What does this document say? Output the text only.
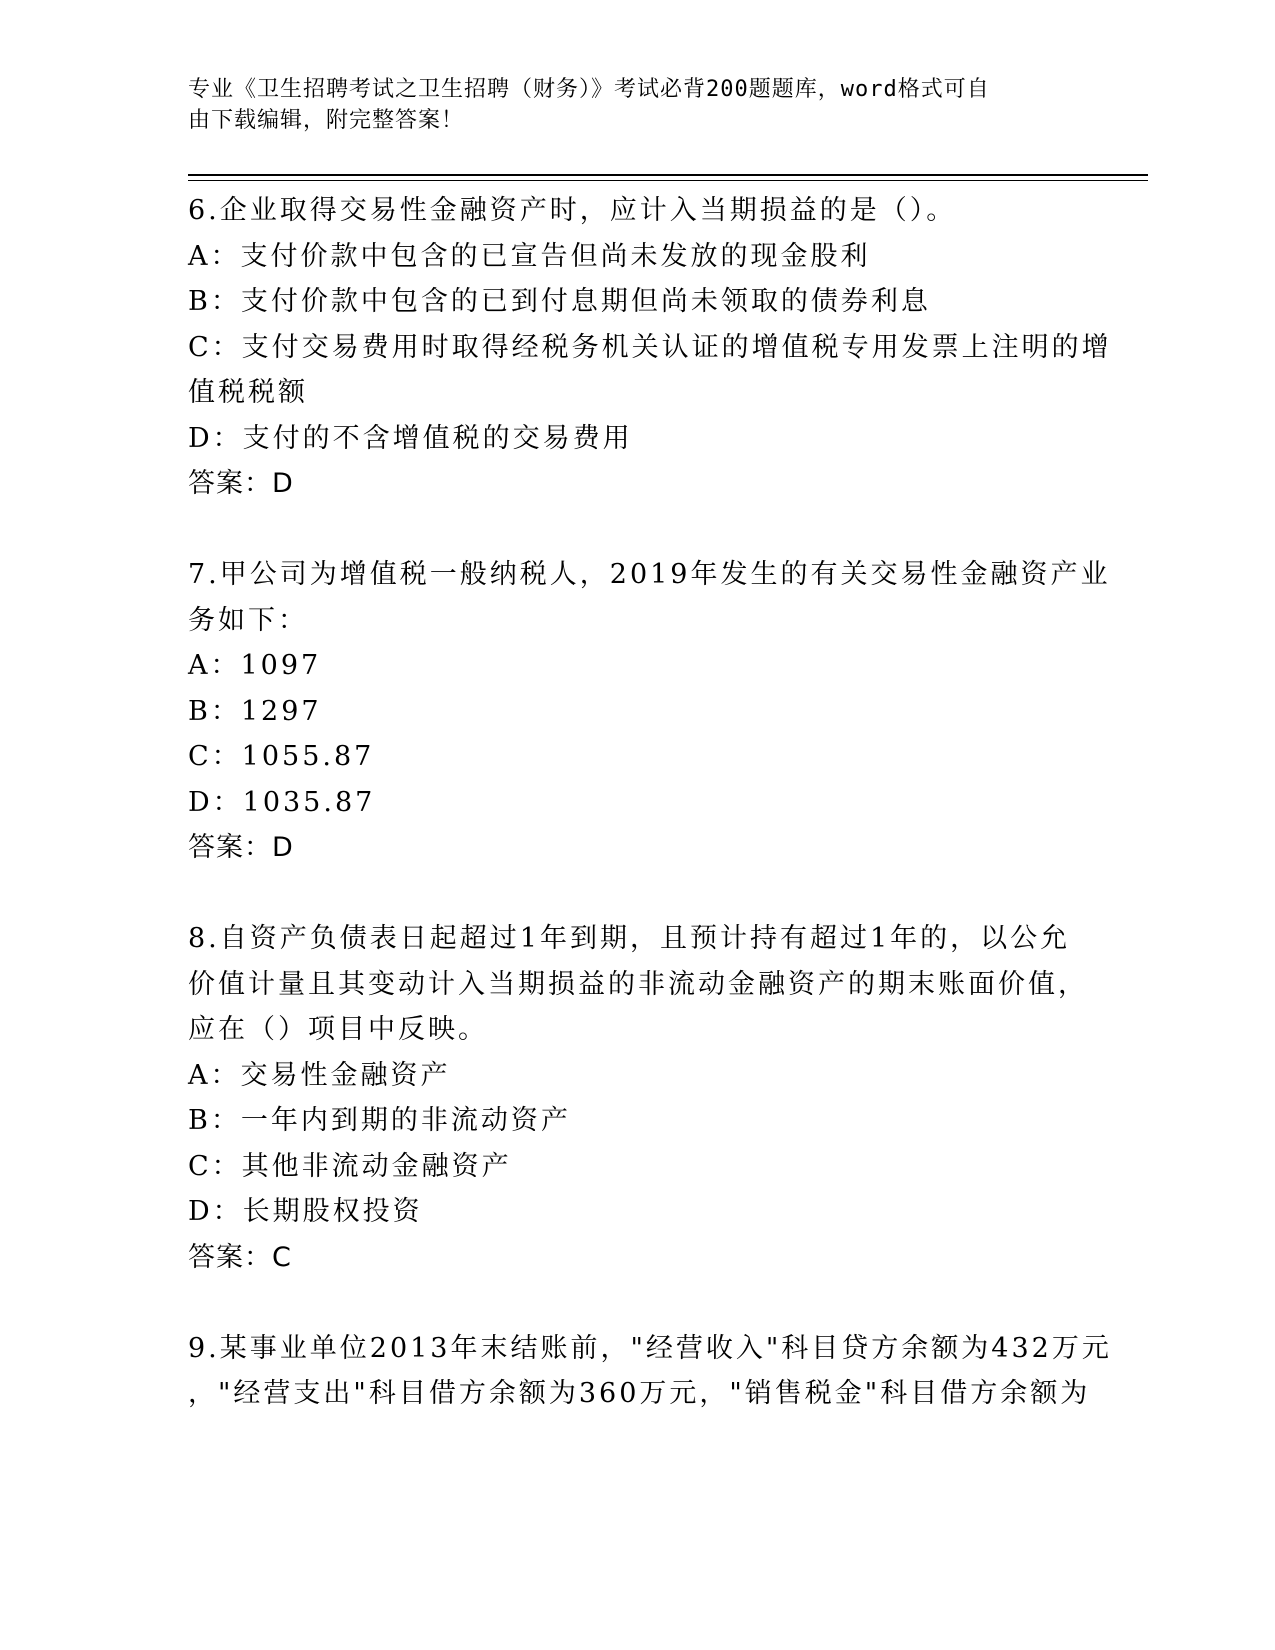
专业《卫生招聘考试之卫生招聘（财务）》考试必背200题题库，word格式可自
由下载编辑，附完整答案！
6.企业取得交易性金融资产时，应计入当期损益的是（）。
A：支付价款中包含的已宣告但尚未发放的现金股利
B：支付价款中包含的已到付息期但尚未领取的债券利息
C：支付交易费用时取得经税务机关认证的增值税专用发票上注明的增
值税税额
D：支付的不含增值税的交易费用
答案：D
7.甲公司为增值税一般纳税人，2019年发生的有关交易性金融资产业
务如下：
A：1097
B：1297
C：1055.87
D：1035.87
答案：D
8.自资产负债表日起超过1年到期，且预计持有超过1年的，以公允
价值计量且其变动计入当期损益的非流动金融资产的期末账面价值，
应在（）项目中反映。
A：交易性金融资产
B：一年内到期的非流动资产
C：其他非流动金融资产
D：长期股权投资
答案：C
9.某事业单位2013年末结账前，"经营收入"科目贷方余额为432万元
，"经营支出"科目借方余额为360万元，"销售税金"科目借方余额为
